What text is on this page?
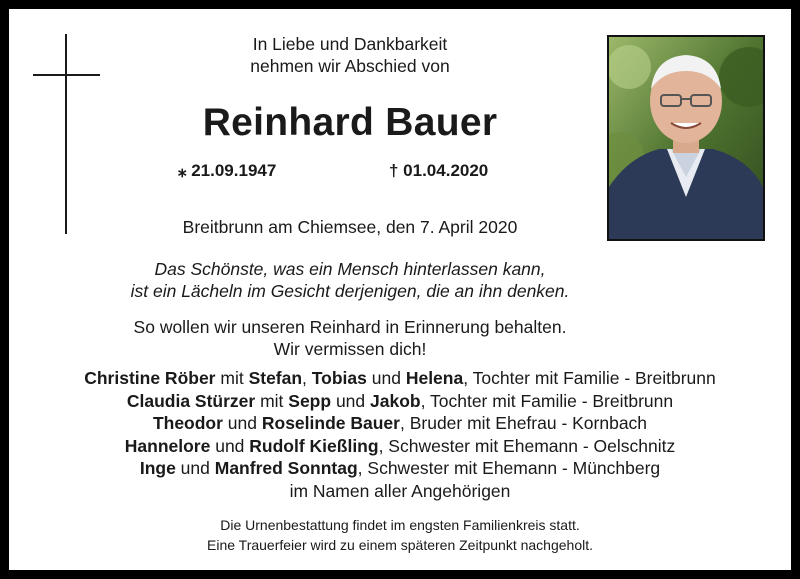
In Liebe und Dankbarkeit
nehmen wir Abschied von
Reinhard Bauer
⁎ 21.09.1947	† 01.04.2020
Breitbrunn am Chiemsee, den 7. April 2020
Das Schönste, was ein Mensch hinterlassen kann,
ist ein Lächeln im Gesicht derjenigen, die an ihn denken.
So wollen wir unseren Reinhard in Erinnerung behalten.
Wir vermissen dich!
Christine Röber mit Stefan, Tobias und Helena, Tochter mit Familie - Breitbrunn
Claudia Stürzer mit Sepp und Jakob, Tochter mit Familie - Breitbrunn
Theodor und Roselinde Bauer, Bruder mit Ehefrau - Kornbach
Hannelore und Rudolf Kießling, Schwester mit Ehemann - Oelschnitz
Inge und Manfred Sonntag, Schwester mit Ehemann - Münchberg
im Namen aller Angehörigen
Die Urnenbestattung findet im engsten Familienkreis statt.
Eine Trauerfeier wird zu einem späteren Zeitpunkt nachgeholt.
